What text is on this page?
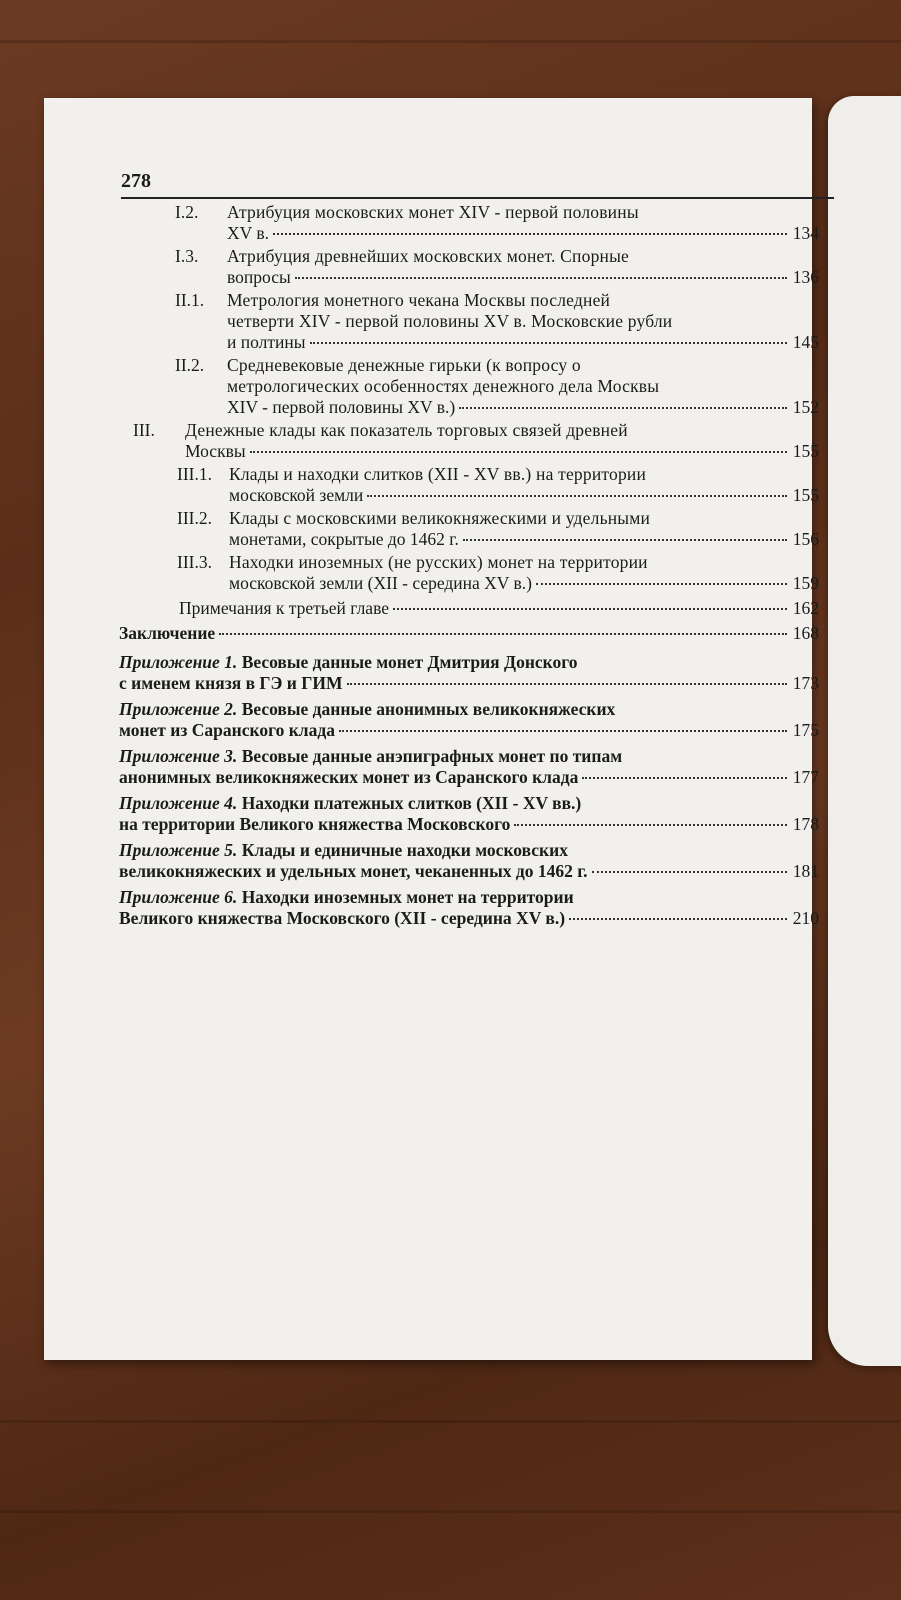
278
I.2.	Атрибуция московских монет XIV - первой половины
XV в.	134
I.3.	Атрибуция древнейших московских монет. Спорные
вопросы	136
II.1.	Метрология монетного чекана Москвы последней
четверти XIV - первой половины XV в. Московские рубли
и полтины	145
II.2.	Средневековые денежные гирьки (к вопросу о
метрологических особенностях денежного дела Москвы
XIV - первой половины XV в.)	152
III.	Денежные клады как показатель торговых связей древней
Москвы	155
III.1. Клады и находки слитков (XII - XV вв.) на территории
московской земли	155
III.2. Клады с московскими великокняжескими и удельными
монетами, сокрытые до 1462 г.	156
III.3. Находки иноземных (не русских) монет на территории
московской земли (XII - середина XV в.)	159
Примечания к третьей главе	162
Заключение	168
Приложение 1. Весовые данные монет Дмитрия Донского
с именем князя в ГЭ и ГИМ	173
Приложение 2. Весовые данные анонимных великокняжеских
монет из Саранского клада	175
Приложение 3. Весовые данные анэпиграфных монет по типам
анонимных великокняжеских монет из Саранского клада	177
Приложение 4. Находки платежных слитков (XII - XV вв.)
на территории Великого княжества Московского	178
Приложение 5. Клады и единичные находки московских
великокняжеских и удельных монет, чеканенных до 1462 г.	181
Приложение 6. Находки иноземных монет на территории
Великого княжества Московского (XII - середина XV в.)	210
